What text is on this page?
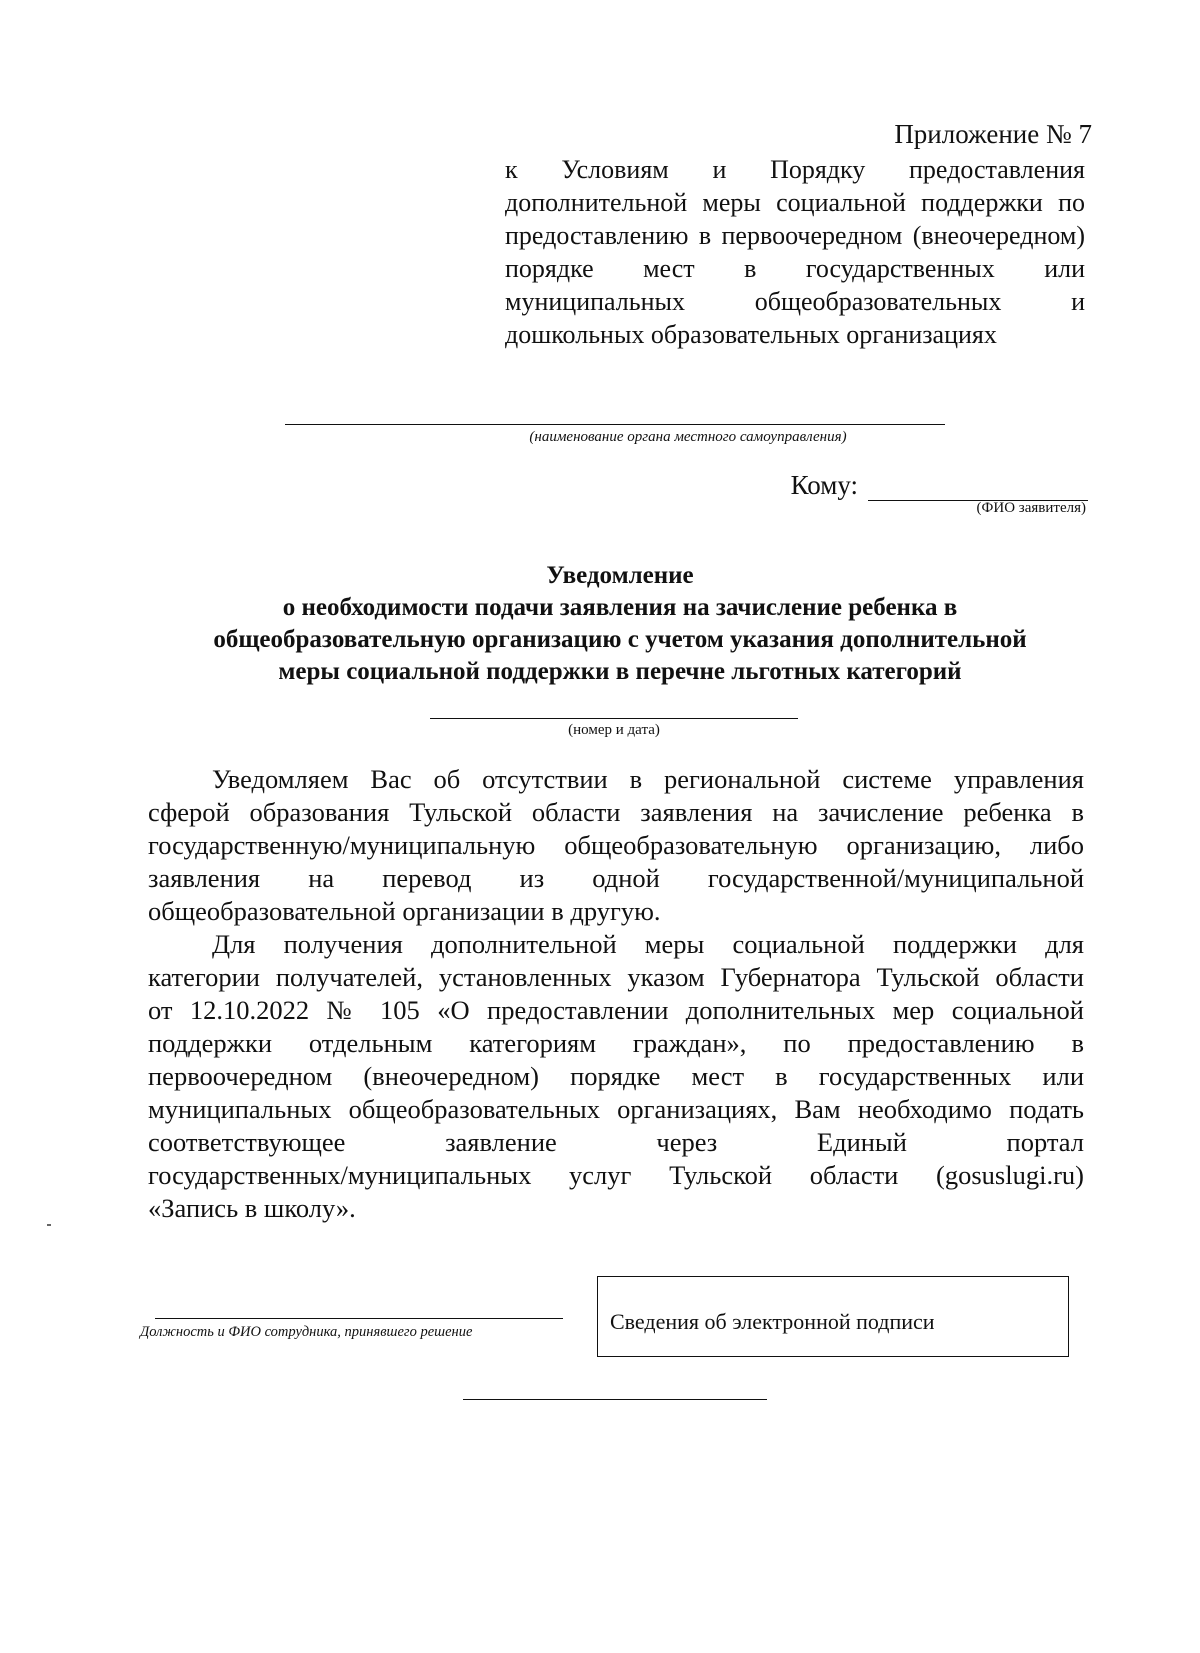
Приложение № 7
к Условиям и Порядку предоставления
дополнительной меры социальной поддержки по
предоставлению в первоочередном (внеочередном)
порядке мест в государственных или
муниципальных общеобразовательных и
дошкольных образовательных организациях
(наименование органа местного самоуправления)
Кому:
(ФИО заявителя)
Уведомление
о необходимости подачи заявления на зачисление ребенка в
общеобразовательную организацию с учетом указания дополнительной
меры социальной поддержки в перечне льготных категорий
(номер и дата)
Уведомляем Вас об отсутствии в региональной системе управления
сферой образования Тульской области заявления на зачисление ребенка в
государственную/муниципальную общеобразовательную организацию, либо
заявления на перевод из одной государственной/муниципальной
общеобразовательной организации в другую.
Для получения дополнительной меры социальной поддержки для
категории получателей, установленных указом Губернатора Тульской области
от 12.10.2022 № 105 «О предоставлении дополнительных мер социальной
поддержки отдельным категориям граждан», по предоставлению в
первоочередном (внеочередном) порядке мест в государственных или
муниципальных общеобразовательных организациях, Вам необходимо подать
соответствующее заявление через Единый портал
государственных/муниципальных услуг Тульской области (gosuslugi.ru)
«Запись в школу».
Должность и ФИО сотрудника, принявшего решение	Сведения об электронной подписи
